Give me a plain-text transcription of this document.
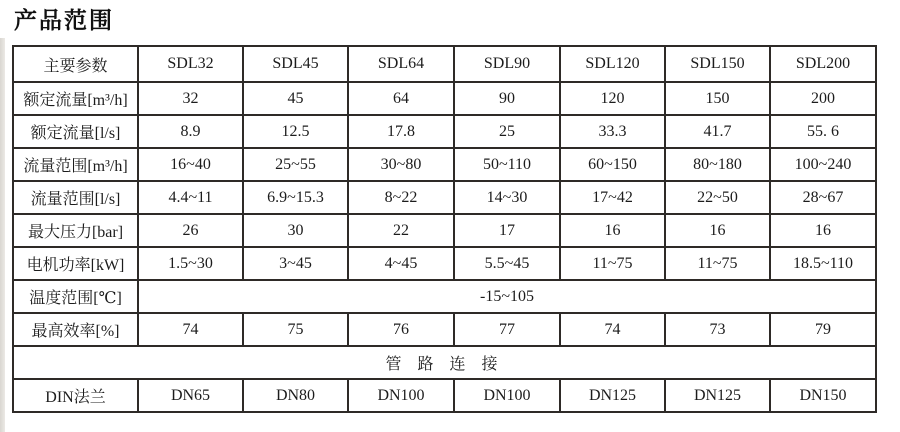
产品范围
主要参数	SDL32	SDL45	SDL64	SDL90	SDL120	SDL150	SDL200
额定流量[m³/h]	32	45	64	90	120	150	200
额定流量[l/s]	8.9	12.5	17.8	25	33.3	41.7	55. 6
流量范围[m³/h]	16~40	25~55	30~80	50~110	60~150	80~180	100~240
流量范围[l/s]	4.4~11	6.9~15.3	8~22	14~30	17~42	22~50	28~67
最大压力[bar]	26	30	22	17	16	16	16
电机功率[kW]	1.5~30	3~45	4~45	5.5~45	11~75	11~75	18.5~110
温度范围[℃]	-15~105						
最高效率[%]	74	75	76	77	74	73	79
管 路 连 接							
DIN法兰	DN65	DN80	DN100	DN100	DN125	DN125	DN150
